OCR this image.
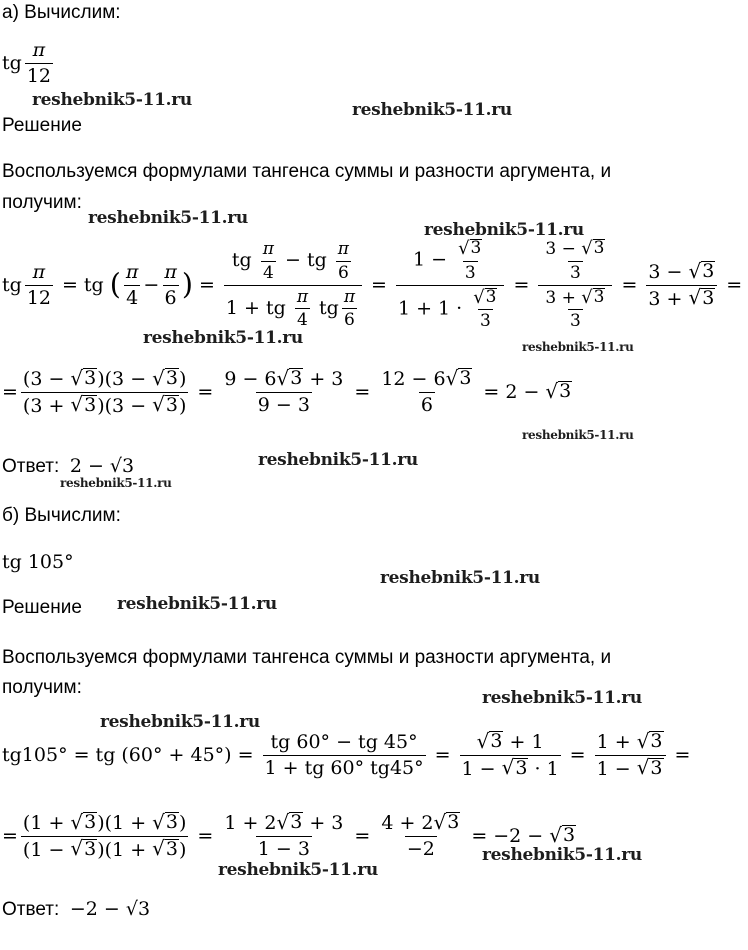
а) Вычислим:
tg $\frac{\pi}{12}$
Решение
Воспользуемся формулами тангенса суммы и разности аргумента, и
получим:
tg $\frac{\pi}{12}$ = tg
( $\frac{\pi}{4} - \frac{\pi}{6}$ ) = $\frac{tg \frac{\pi}{4} - tg \frac{\pi}{6}}{1 + tg \frac{\pi}{4} tg \frac{\pi}{6}} = \frac{1 - \frac{√ 3}{3}}{1 + 1 \cdot \frac{√ 3}{3}} = \frac{\frac{3 - √ 3}{3}}{\frac{3 + √ 3}{3}} = \frac{3 - √ 3}{3 + √ 3}$ =
= $\frac{(3 - √ 3 )(3 - √ 3 )}{(3 + √ 3 )(3 - √ 3 )} = \frac{9 - 6 √ 3 + 3}{9 - 3} = \frac{12 - 6 √ 3}{6} = 2$ − √ 3
Ответ: 2 − √3
б) Вычислим:
tg 105°
Решение
Воспользуемся формулами тангенса суммы и разности аргумента, и
получим:
tg105° = tg $(60^\circ + 45^\circ) = \frac{tg 60^\circ - tg 45^\circ}{1 + tg 60^\circ tg45^\circ} = \frac{√ 3 + 1}{1 - √ 3 \cdot 1} = \frac{1 + √ 3}{1 - √ 3}$ =
= $\frac{(1 + √ 3 )(1 + √ 3 )}{(1 - √ 3 )(1 + √ 3 )} = \frac{1 + 2 √ 3 + 3}{1 - 3} = \frac{4 + 2 √ 3}{-2} = -2$ − √ 3
Ответ: −2 − √3
reshebnik5-11.ru	reshebnik5-11.ru
reshebnik5-11.ru
reshebnik5-11.ru
reshebnik5-11.ru	reshebnik5-11.ru
reshebnik5-11.ru
reshebnik5-11.ru
reshebnik5-11.ru
reshebnik5-11.ru
reshebnik5-11.ru
reshebnik5-11.ru
reshebnik5-11.ru
reshebnik5-11.ru
reshebnik5-11.ru
